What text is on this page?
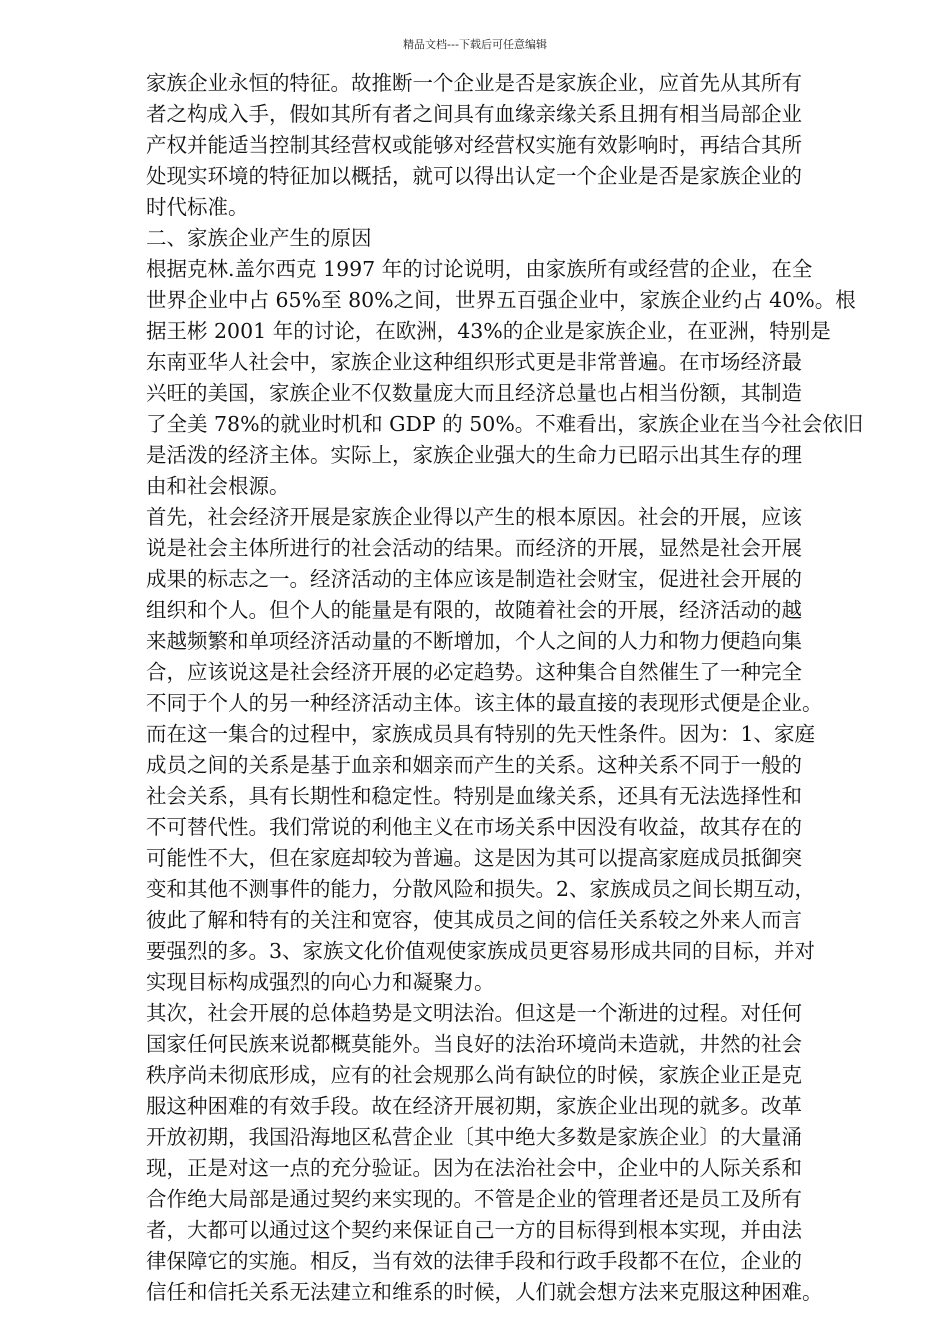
精品文档---下载后可任意编辑
家族企业永恒的特征。故推断一个企业是否是家族企业，应首先从其所有
者之构成入手，假如其所有者之间具有血缘亲缘关系且拥有相当局部企业
产权并能适当控制其经营权或能够对经营权实施有效影响时，再结合其所
处现实环境的特征加以概括，就可以得出认定一个企业是否是家族企业的
时代标准。
二、家族企业产生的原因
根据克林.盖尔西克 1997 年的讨论说明，由家族所有或经营的企业，在全
世界企业中占 65%至 80%之间，世界五百强企业中，家族企业约占 40%。根
据王彬 2001 年的讨论，在欧洲，43%的企业是家族企业，在亚洲，特别是
东南亚华人社会中，家族企业这种组织形式更是非常普遍。在市场经济最
兴旺的美国，家族企业不仅数量庞大而且经济总量也占相当份额，其制造
了全美 78%的就业时机和 GDP 的 50%。不难看出，家族企业在当今社会依旧
是活泼的经济主体。实际上，家族企业强大的生命力已昭示出其生存的理
由和社会根源。
首先，社会经济开展是家族企业得以产生的根本原因。社会的开展，应该
说是社会主体所进行的社会活动的结果。而经济的开展，显然是社会开展
成果的标志之一。经济活动的主体应该是制造社会财宝，促进社会开展的
组织和个人。但个人的能量是有限的，故随着社会的开展，经济活动的越
来越频繁和单项经济活动量的不断增加，个人之间的人力和物力便趋向集
合，应该说这是社会经济开展的必定趋势。这种集合自然催生了一种完全
不同于个人的另一种经济活动主体。该主体的最直接的表现形式便是企业。
而在这一集合的过程中，家族成员具有特别的先天性条件。因为：1、家庭
成员之间的关系是基于血亲和姻亲而产生的关系。这种关系不同于一般的
社会关系，具有长期性和稳定性。特别是血缘关系，还具有无法选择性和
不可替代性。我们常说的利他主义在市场关系中因没有收益，故其存在的
可能性不大，但在家庭却较为普遍。这是因为其可以提高家庭成员抵御突
变和其他不测事件的能力，分散风险和损失。2、家族成员之间长期互动，
彼此了解和特有的关注和宽容，使其成员之间的信任关系较之外来人而言
要强烈的多。3、家族文化价值观使家族成员更容易形成共同的目标，并对
实现目标构成强烈的向心力和凝聚力。
其次，社会开展的总体趋势是文明法治。但这是一个渐进的过程。对任何
国家任何民族来说都概莫能外。当良好的法治环境尚未造就，井然的社会
秩序尚未彻底形成，应有的社会规那么尚有缺位的时候，家族企业正是克
服这种困难的有效手段。故在经济开展初期，家族企业出现的就多。改革
开放初期，我国沿海地区私营企业〔其中绝大多数是家族企业〕的大量涌
现，正是对这一点的充分验证。因为在法治社会中，企业中的人际关系和
合作绝大局部是通过契约来实现的。不管是企业的管理者还是员工及所有
者，大都可以通过这个契约来保证自己一方的目标得到根本实现，并由法
律保障它的实施。相反，当有效的法律手段和行政手段都不在位，企业的
信任和信托关系无法建立和维系的时候，人们就会想方法来克服这种困难。
